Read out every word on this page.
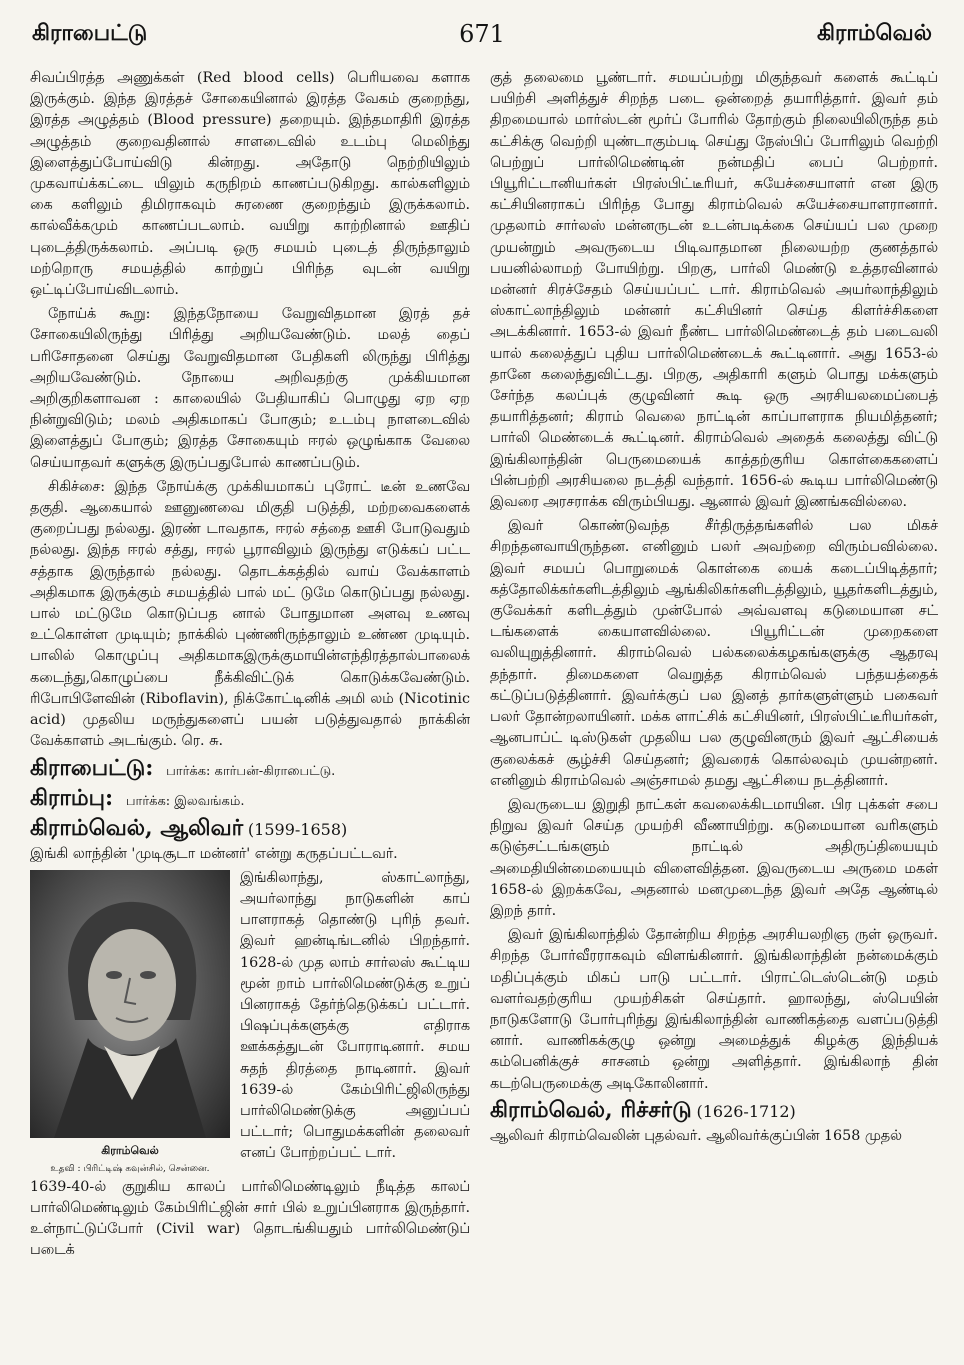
கிராபைட்டு	671	கிராம்வெல்

சிவப்பிரத்த அணுக்கள் (Red blood cells) பெரியவை களாக இருக்கும். இந்த இரத்தச் சோகையினால் இரத்த வேகம் குறைந்து, இரத்த அழுத்தம் (Blood pressure) தறையும். இந்தமாதிரி இரத்த அழுத்தம் குறைவதினால் சாளடைவில் உடம்பு மெலிந்து இளைத்துப்போய்விடு கின்றது. அதோடு நெற்றியிலும் முகவாய்க்கட்டை யிலும் கருநிறம் காணப்படுகிறது. கால்களிலும் கை களிலும் திமிராகவும் சுரணை குறைந்தும் இருக்கலாம். கால்வீக்கமும் காணப்படலாம். வயிறு காற்றினால் ஊதிப் புடைத்திருக்கலாம். அப்படி ஒரு சமயம் புடைத் திருந்தாலும் மற்றொரு சமயத்தில் காற்றுப் பிரிந்த வுடன் வயிறு ஒட்டிப்போய்விடலாம்.

நோய்க் கூறு: இந்தநோயை வேறுவிதமான இரத் தச் சோகையிலிருந்து பிரித்து அறியவேண்டும். மலத் தைப் பரிசோதனை செய்து வேறுவிதமான பேதிகளி லிருந்து பிரித்து அறியவேண்டும். நோயை அறிவதற்கு முக்கியமான அறிகுறிகளாவன : காலையில் பேதியாகிப் பொழுது ஏற ஏற நின்றுவிடும்; மலம் அதிகமாகப் போகும்; உடம்பு நாளடைவில் இளைத்துப் போகும்; இரத்த சோகையும் ஈரல் ஒழுங்காக வேலை செய்யாதவர் களுக்கு இருப்பதுபோல் காணப்படும்.

சிகிச்சை: இந்த நோய்க்கு முக்கியமாகப் புரோட் டீன் உணவே தகுதி. ஆகையால் ஊனுணவை மிகுதி படுத்தி, மற்றவைகளைக் குறைப்பது நல்லது. இரண் டாவதாக, ஈரல் சத்தை ஊசி போடுவதும் நல்லது. இந்த ஈரல் சத்து, ஈரல் பூராவிலும் இருந்து எடுக்கப் பட்ட சத்தாக இருந்தால் நல்லது. தொடக்கத்தில் வாய் வேக்காளம் அதிகமாக இருக்கும் சமயத்தில் பால் மட் டுமே கொடுப்பது நல்லது. பால் மட்டுமே கொடுப்பத னால் போதுமான அளவு உணவு உட்கொள்ள முடியும்; நாக்கில் புண்ணிருந்தாலும் உண்ண முடியும். பாலில் கொழுப்பு அதிகமாகஇருக்குமாயின்எந்திரத்தால்பாலைக் கடைந்து,கொழுப்பை நீக்கிவிட்டுக் கொடுக்கவேண்டும். ரிபோபிளேவின் (Riboflavin), நிக்கோட்டினிக் அமி லம் (Nicotinic acid) முதலிய மருந்துகளைப் பயன் படுத்துவதால் நாக்கின் வேக்காளம் அடங்கும். ரெ. சு.

கிராபைட்டு: பார்க்க: கார்பன்-கிராபைட்டு.
கிராம்பு: பார்க்க: இலவங்கம்.
கிராம்வெல், ஆலிவர் (1599-1658)

இங்கி லாந்தின் 'முடிசூடா மன்னர்' என்று கருதப்பட்டவர்.

கிராம்வெல்
உதவி : பிரிட்டிஷ் கவுன்சில், சென்னை.

இங்கிலாந்து, ஸ்காட்லாந்து, அயர்லாந்து நாடுகளின் காப் பாளராகத் தொண்டு புரிந் தவர். இவர் ஹன்டிங்டனில் பிறந்தார். 1628-ல் முத லாம் சார்லஸ் கூட்டிய மூன் றாம் பார்லிமெண்டுக்கு உறுப் பினராகத் தேர்ந்தெடுக்கப் பட்டார். பிஷப்புக்களுக்கு எதிராக ஊக்கத்துடன் போராடினார். சமய சுதந் திரத்தை நாடினார். இவர் 1639-ல் கேம்பிரிட்ஜிலிருந்து பார்லிமெண்டுக்கு அனுப்பப் பட்டார்; பொதுமக்களின் தலைவர் எனப் போற்றப்பட் டார்.

1639-40-ல் குறுகிய காலப் பார்லிமெண்டிலும் நீடித்த காலப் பார்லிமெண்டிலும் கேம்பிரிட்ஜின் சார் பில் உறுப்பினராக இருந்தார். உள்நாட்டுப்போர் (Civil war) தொடங்கியதும் பார்லிமெண்டுப் படைக்

குத் தலைமை பூண்டார். சமயப்பற்று மிகுந்தவர் களைக் கூட்டிப் பயிற்சி அளித்துச் சிறந்த படை ஒன்றைத் தயாரித்தார். இவர் தம் திறமையால் மார்ஸ்டன் மூர்ப் போரில் தோற்கும் நிலையிலிருந்த தம் கட்சிக்கு வெற்றி யுண்டாகும்படி செய்து நேஸ்பிப் போரிலும் வெற்றி பெற்றுப் பார்லிமெண்டின் நன்மதிப் பைப் பெற்றார். பியூரிட்டானியர்கள் பிரஸ்பிட்டீரியர், சுயேச்சையாளர் என இரு கட்சியினராகப் பிரிந்த போது கிராம்வெல் சுயேச்சையாளரானார். முதலாம் சார்லஸ் மன்னருடன் உடன்படிக்கை செய்யப் பல முறை முயன்றும் அவருடைய பிடிவாதமான நிலையற்ற குணத்தால் பயனில்லாமற் போயிற்று. பிறகு, பார்லி மெண்டு உத்தரவினால் மன்னர் சிரச்சேதம் செய்யப்பட் டார். கிராம்வெல் அயர்லாந்திலும் ஸ்காட்லாந்திலும் மன்னர் கட்சியினர் செய்த கிளர்ச்சிகளை அடக்கினார். 1653-ல் இவர் நீண்ட பார்லிமெண்டைத் தம் படைவலி யால் கலைத்துப் புதிய பார்லிமெண்டைக் கூட்டினார். அது 1653-ல் தானே கலைந்துவிட்டது. பிறகு, அதிகாரி களும் பொது மக்களும் சேர்ந்த கலப்புக் குழுவினர் கூடி ஒரு அரசியலமைப்பைத் தயாரித்தனர்; கிராம் வெலை நாட்டின் காப்பாளராக நியமித்தனர்; பார்லி மெண்டைக் கூட்டினர். கிராம்வெல் அதைக் கலைத்து விட்டு இங்கிலாந்தின் பெருமையைக் காத்தற்குரிய கொள்கைகளைப் பின்பற்றி அரசியலை நடத்தி வந்தார். 1656-ல் கூடிய பார்லிமெண்டு இவரை அரசராக்க விரும்பியது. ஆனால் இவர் இணங்கவில்லை.

இவர் கொண்டுவந்த சீர்திருத்தங்களில் பல மிகச் சிறந்தனவாயிருந்தன. எனினும் பலர் அவற்றை விரும்பவில்லை. இவர் சமயப் பொறுமைக் கொள்கை யைக் கடைப்பிடித்தார்; கத்தோலிக்கர்களிடத்திலும் ஆங்கிலிகர்களிடத்திலும், யூதர்களிடத்தும், குவேக்கர் களிடத்தும் முன்போல் அவ்வளவு கடுமையான சட் டங்களைக் கையாளவில்லை. பியூரிட்டன் முறைகளை வலியுறுத்தினார். கிராம்வெல் பல்கலைக்கழகங்களுக்கு ஆதரவு தந்தார். திமைகளை வெறுத்த கிராம்வெல் பந்தயத்தைக் கட்டுப்படுத்தினார். இவர்க்குப் பல இனத் தார்களுள்ளும் பகைவர் பலர் தோன்றலாயினர். மக்க ளாட்சிக் கட்சியினர், பிரஸ்பிட்டீரியர்கள், ஆனபாப்ட் டிஸ்டுகள் முதலிய பல குழுவினரும் இவர் ஆட்சியைக் குலைக்கச் சூழ்ச்சி செய்தனர்; இவரைக் கொல்லவும் முயன்றனர். எனினும் கிராம்வெல் அஞ்சாமல் தமது ஆட்சியை நடத்தினார்.

இவருடைய இறுதி நாட்கள் கவலைக்கிடமாயின. பிர புக்கள் சபை நிறுவ இவர் செய்த முயற்சி வீணாயிற்று. கடுமையான வரிகளும் கடுஞ்சட்டங்களும் நாட்டில் அதிருப்தியையும் அமைதியின்மையையும் விளைவித்தன. இவருடைய அருமை மகள் 1658-ல் இறக்கவே, அதனால் மனமுடைந்த இவர் அதே ஆண்டில் இறந் தார்.

இவர் இங்கிலாந்தில் தோன்றிய சிறந்த அரசியலறிஞ ருள் ஒருவர். சிறந்த போர்வீரராகவும் விளங்கினார். இங்கிலாந்தின் நன்மைக்கும் மதிப்புக்கும் மிகப் பாடு பட்டார். பிராட்டெஸ்டென்டு மதம் வளர்வதற்குரிய முயற்சிகள் செய்தார். ஹாலந்து, ஸ்பெயின் நாடுகளோடு போர்புரிந்து இங்கிலாந்தின் வாணிகத்தை வளப்படுத்தி னார். வாணிகக்குழு ஒன்று அமைத்துக் கிழக்கு இந்தியக் கம்பெனிக்குச் சாசனம் ஒன்று அளித்தார். இங்கிலாந் தின் கடற்பெருமைக்கு அடிகோலினார்.

கிராம்வெல், ரிச்சர்டு (1626-1712)

ஆலிவர் கிராம்வெலின் புதல்வர். ஆலிவர்க்குப்பின் 1658 முதல்
